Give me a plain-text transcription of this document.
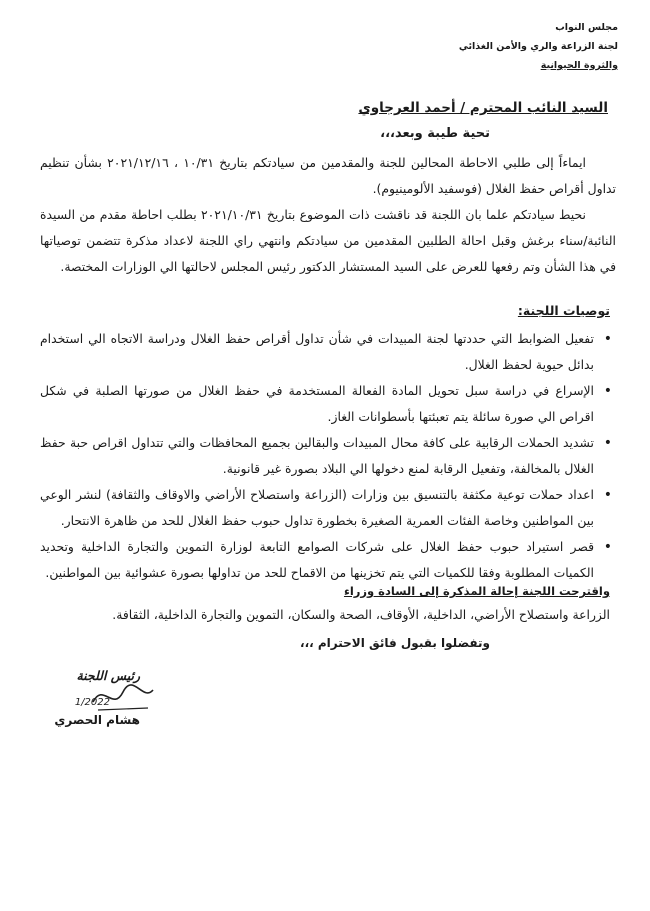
مجلس النواب
لجنة الزراعة والري والأمن الغذائي
والثروة الحيوانية
السيد النائب المحترم / أحمد العرجاوي
تحية طيبة وبعد،،،

ايماءاً إلى طلبي الاحاطة المحالين للجنة والمقدمين من سيادتكم بتاريخ ١٠/٣١ ، ٢٠٢١/١٢/١٦ بشأن تنظيم تداول أقراص حفظ الغلال (فوسفيد الألومينيوم).

نحيط سيادتكم علما بان اللجنة قد ناقشت ذات الموضوع بتاريخ ٢٠٢١/١٠/٣١ بطلب احاطة مقدم من السيدة النائبة/سناء برغش وقبل احالة الطلبين المقدمين من سيادتكم وانتهي راي اللجنة لاعداد مذكرة تتضمن توصياتها في هذا الشأن وتم رفعها للعرض على السيد المستشار الدكتور رئيس المجلس لاحالتها الي الوزارات المختصة.

توصيات اللجنة:
• تفعيل الضوابط التي حددتها لجنة المبيدات في شأن تداول أقراص حفظ الغلال ودراسة الاتجاه الي استخدام بدائل حيوية لحفظ الغلال.
• الإسراع في دراسة سبل تحويل المادة الفعالة المستخدمة في حفظ الغلال من صورتها الصلبة في شكل اقراص الي صورة سائلة يتم تعبئتها بأسطوانات الغاز.
• تشديد الحملات الرقابية على كافة محال المبيدات والبقالين بجميع المحافظات والتي تتداول اقراص حبة حفظ الغلال بالمخالفة، وتفعيل الرقابة لمنع دخولها الي البلاد بصورة غير قانونية.
• اعداد حملات توعية مكثفة بالتنسيق بين وزارات (الزراعة واستصلاح الأراضي والاوقاف والثقافة) لنشر الوعي بين المواطنين وخاصة الفئات العمرية الصغيرة بخطورة تداول حبوب حفظ الغلال للحد من ظاهرة الانتحار.
• قصر استيراد حبوب حفظ الغلال على شركات الصوامع التابعة لوزارة التموين والتجارة الداخلية وتحديد الكميات المطلوبة وفقا للكميات التي يتم تخزينها من الاقماح للحد من تداولها بصورة عشوائية بين المواطنين.
واقترحت اللجنة إحالة المذكرة إلى السادة وزراء
الزراعة واستصلاح الأراضي، الداخلية، الأوقاف، الصحة والسكان، التموين والتجارة الداخلية، الثقافة.
وتفضلوا بقبول فائق الاحترام ،،،
رئيس اللجنة
1/2022
هشام الحصري
